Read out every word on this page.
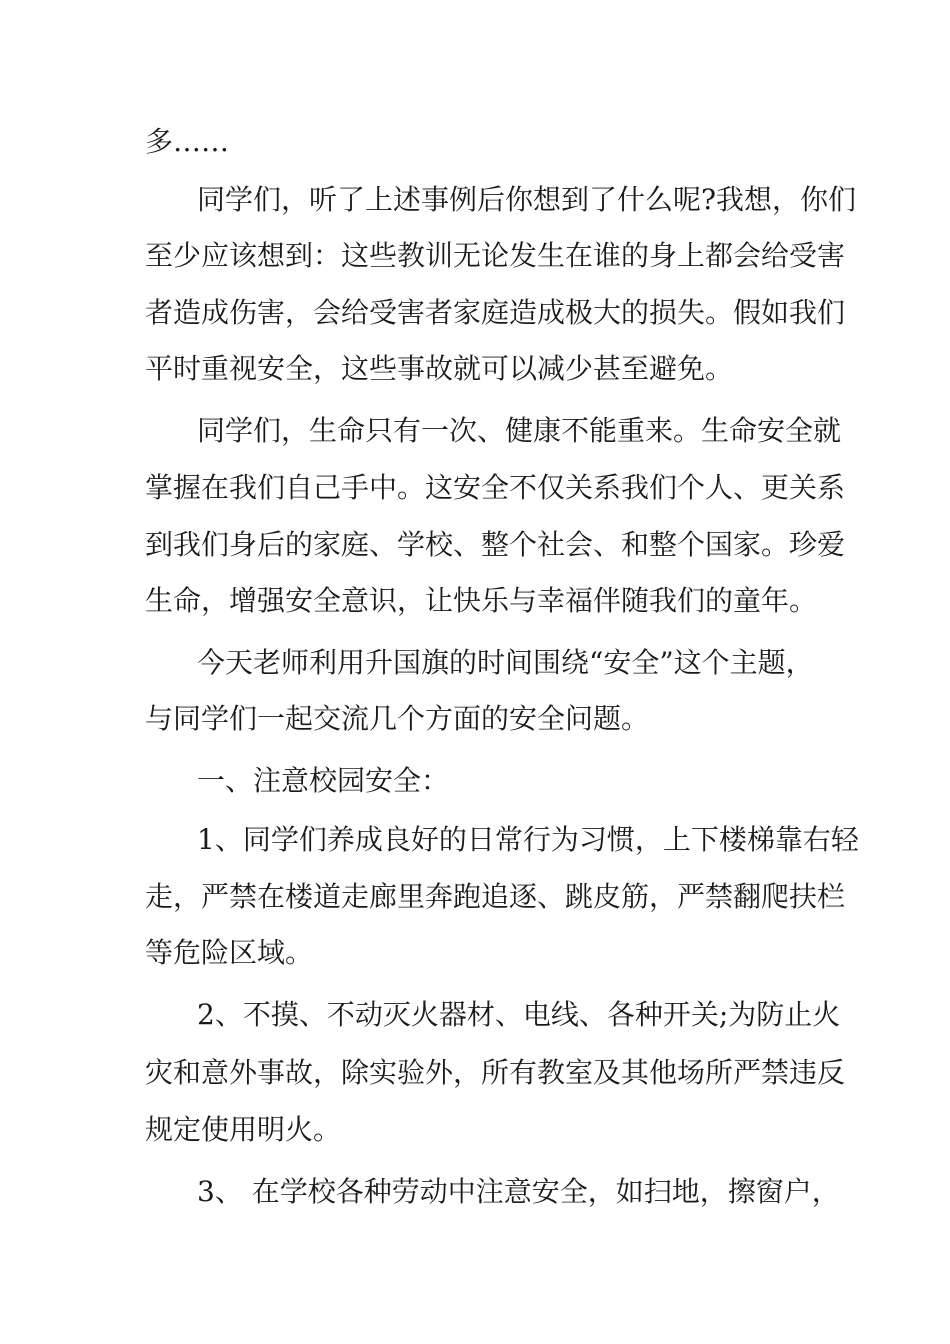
多……

同学们，听了上述事例后你想到了什么呢?我想，你们

至少应该想到：这些教训无论发生在谁的身上都会给受害

者造成伤害，会给受害者家庭造成极大的损失。假如我们

平时重视安全，这些事故就可以减少甚至避免。

同学们，生命只有一次、健康不能重来。生命安全就

掌握在我们自己手中。这安全不仅关系我们个人、更关系

到我们身后的家庭、学校、整个社会、和整个国家。珍爱

生命，增强安全意识，让快乐与幸福伴随我们的童年。

今天老师利用升国旗的时间围绕“安全”这个主题，

与同学们一起交流几个方面的安全问题。

一、注意校园安全：

1、同学们养成良好的日常行为习惯，上下楼梯靠右轻

走，严禁在楼道走廊里奔跑追逐、跳皮筋，严禁翻爬扶栏

等危险区域。

2、不摸、不动灭火器材、电线、各种开关;为防止火

灾和意外事故，除实验外，所有教室及其他场所严禁违反

规定使用明火。

3、 在学校各种劳动中注意安全，如扫地，擦窗户，
